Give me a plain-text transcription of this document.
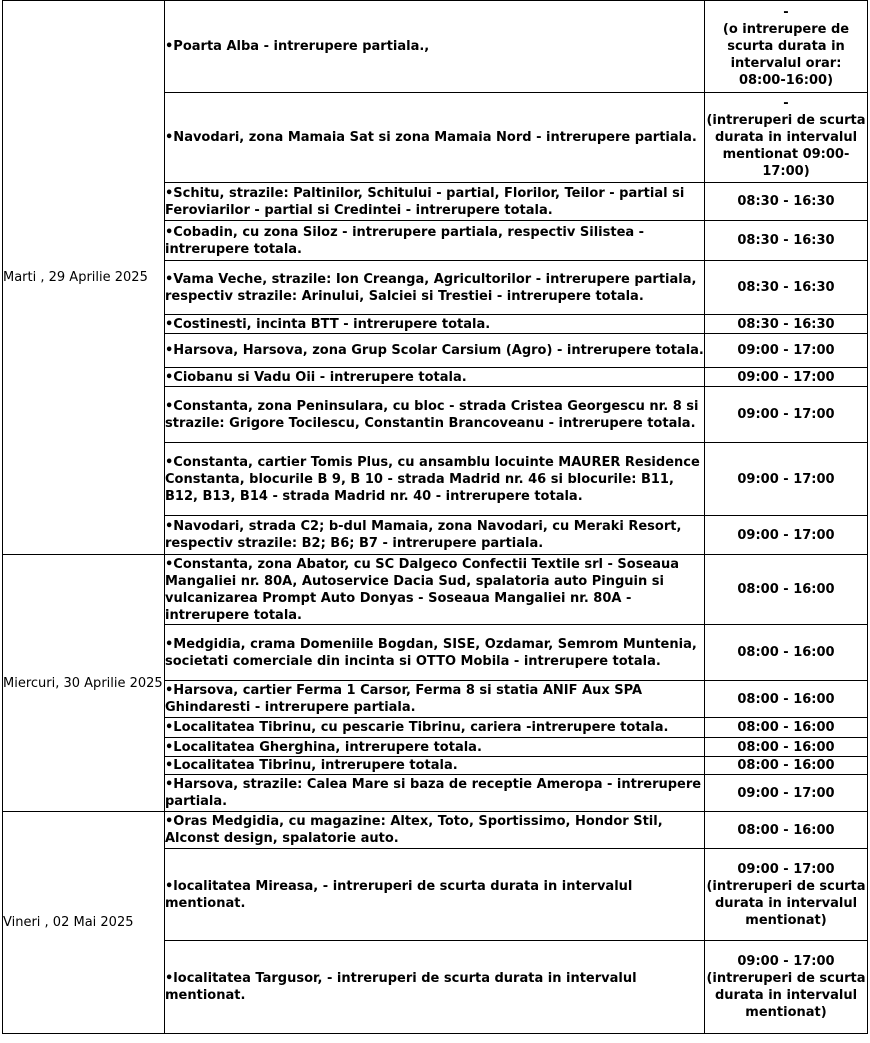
Marti , 29 Aprilie 2025	•Poarta Alba - intrerupere partiala.,	-
(o intrerupere de scurta durata in intervalul orar: 08:00-16:00)
	•Navodari, zona Mamaia Sat si zona Mamaia Nord - intrerupere partiala.	-
(intreruperi de scurta durata in intervalul mentionat 09:00-17:00)
	•Schitu, strazile: Paltinilor, Schitului - partial, Florilor, Teilor - partial si Feroviarilor - partial si Credintei - intrerupere totala.	08:30 - 16:30
	•Cobadin, cu zona Siloz - intrerupere partiala, respectiv Silistea - intrerupere totala.	08:30 - 16:30
	•Vama Veche, strazile: Ion Creanga, Agricultorilor - intrerupere partiala, respectiv strazile: Arinului, Salciei si Trestiei - intrerupere totala.	08:30 - 16:30
	•Costinesti, incinta BTT - intrerupere totala.	08:30 - 16:30
	•Harsova, Harsova, zona Grup Scolar Carsium (Agro) - intrerupere totala.	09:00 - 17:00
	•Ciobanu si Vadu Oii - intrerupere totala.	09:00 - 17:00
	•Constanta, zona Peninsulara, cu bloc - strada Cristea Georgescu nr. 8 si strazile: Grigore Tocilescu, Constantin Brancoveanu - intrerupere totala.	09:00 - 17:00
	•Constanta, cartier Tomis Plus, cu ansamblu locuinte MAURER Residence Constanta, blocurile B 9, B 10 - strada Madrid nr. 46 si blocurile: B11, B12, B13, B14 - strada Madrid nr. 40 - intrerupere totala.	09:00 - 17:00
	•Navodari, strada C2; b-dul Mamaia, zona Navodari, cu Meraki Resort, respectiv strazile: B2; B6; B7 - intrerupere partiala.	09:00 - 17:00
Miercuri, 30 Aprilie 2025	•Constanta, zona Abator, cu SC Dalgeco Confectii Textile srl - Soseaua Mangaliei nr. 80A, Autoservice Dacia Sud, spalatoria auto Pinguin si vulcanizarea Prompt Auto Donyas - Soseaua Mangaliei nr. 80A - intrerupere totala.	08:00 - 16:00
	•Medgidia, crama Domeniile Bogdan, SISE, Ozdamar, Semrom Muntenia, societati comerciale din incinta si OTTO Mobila - intrerupere totala.	08:00 - 16:00
	•Harsova, cartier Ferma 1 Carsor, Ferma 8 si statia ANIF Aux SPA Ghindaresti - intrerupere partiala.	08:00 - 16:00
	•Localitatea Tibrinu, cu pescarie Tibrinu, cariera -intrerupere totala.	08:00 - 16:00
	•Localitatea Gherghina, intrerupere totala.	08:00 - 16:00
	•Localitatea Tibrinu, intrerupere totala.	08:00 - 16:00
	•Harsova, strazile: Calea Mare si baza de receptie Ameropa - intrerupere partiala.	09:00 - 17:00
Vineri , 02 Mai 2025	•Oras Medgidia, cu magazine: Altex, Toto, Sportissimo, Hondor Stil, Alconst design, spalatorie auto.	08:00 - 16:00
	•localitatea Mireasa, - intreruperi de scurta durata in intervalul mentionat.	09:00 - 17:00
(intreruperi de scurta durata in intervalul mentionat)
	•localitatea Targusor, - intreruperi de scurta durata in intervalul mentionat.	09:00 - 17:00
(intreruperi de scurta durata in intervalul mentionat)
